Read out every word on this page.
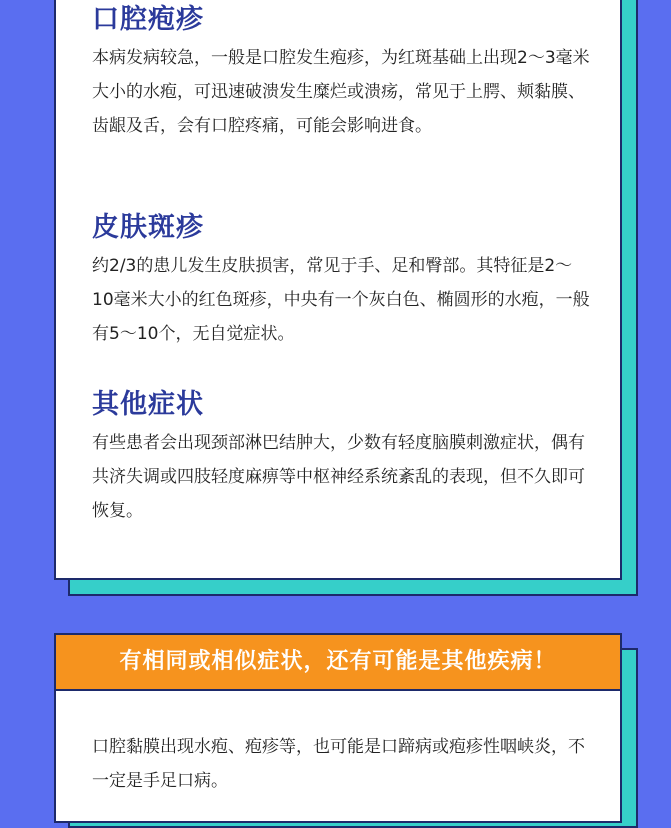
口腔疱疹

本病发病较急，一般是口腔发生疱疹，为红斑基础上出现2～3毫米大小的水疱，可迅速破溃发生糜烂或溃疡，常见于上腭、颊黏膜、齿龈及舌，会有口腔疼痛，可能会影响进食。

皮肤斑疹

约2/3的患儿发生皮肤损害，常见于手、足和臀部。其特征是2～10毫米大小的红色斑疹，中央有一个灰白色、椭圆形的水疱，一般有5～10个，无自觉症状。

其他症状

有些患者会出现颈部淋巴结肿大，少数有轻度脑膜刺激症状，偶有共济失调或四肢轻度麻痹等中枢神经系统紊乱的表现，但不久即可恢复。

有相同或相似症状，还有可能是其他疾病！

口腔黏膜出现水疱、疱疹等，也可能是口蹄病或疱疹性咽峡炎，不一定是手足口病。
